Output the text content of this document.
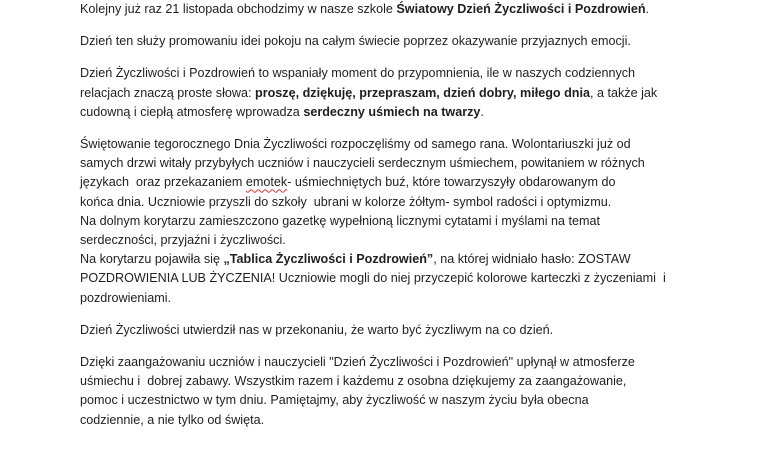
Kolejny już raz 21 listopada obchodzimy w nasze szkole Światowy Dzień Życzliwości i Pozdrowień.

Dzień ten służy promowaniu idei pokoju na całym świecie poprzez okazywanie przyjaznych emocji.

Dzień Życzliwości i Pozdrowień to wspaniały moment do przypomnienia, ile w naszych codziennych
relacjach znaczą proste słowa: proszę, dziękuję, przepraszam, dzień dobry, miłego dnia, a także jak
cudowną i ciepłą atmosferę wprowadza serdeczny uśmiech na twarzy.

Świętowanie tegorocznego Dnia Życzliwości rozpoczęliśmy od samego rana. Wolontariuszki już od
samych drzwi witały przybyłych uczniów i nauczycieli serdecznym uśmiechem, powitaniem w różnych
językach  oraz przekazaniem emotek- uśmiechniętych buź, które towarzyszyły obdarowanym do
końca dnia. Uczniowie przyszli do szkoły  ubrani w kolorze żółtym- symbol radości i optymizmu.
Na dolnym korytarzu zamieszczono gazetkę wypełnioną licznymi cytatami i myślami na temat
serdeczności, przyjaźni i życzliwości.
Na korytarzu pojawiła się „Tablica Życzliwości i Pozdrowień”, na której widniało hasło: ZOSTAW
POZDROWIENIA LUB ŻYCZENIA! Uczniowie mogli do niej przyczepić kolorowe karteczki z życzeniami  i
pozdrowieniami.

Dzień Życzliwości utwierdził nas w przekonaniu, że warto być życzliwym na co dzień.

Dzięki zaangażowaniu uczniów i nauczycieli "Dzień Życzliwości i Pozdrowień" upłynął w atmosferze
uśmiechu i  dobrej zabawy. Wszystkim razem i każdemu z osobna dziękujemy za zaangażowanie,
pomoc i uczestnictwo w tym dniu. Pamiętajmy, aby życzliwość w naszym życiu była obecna
codziennie, a nie tylko od święta.
